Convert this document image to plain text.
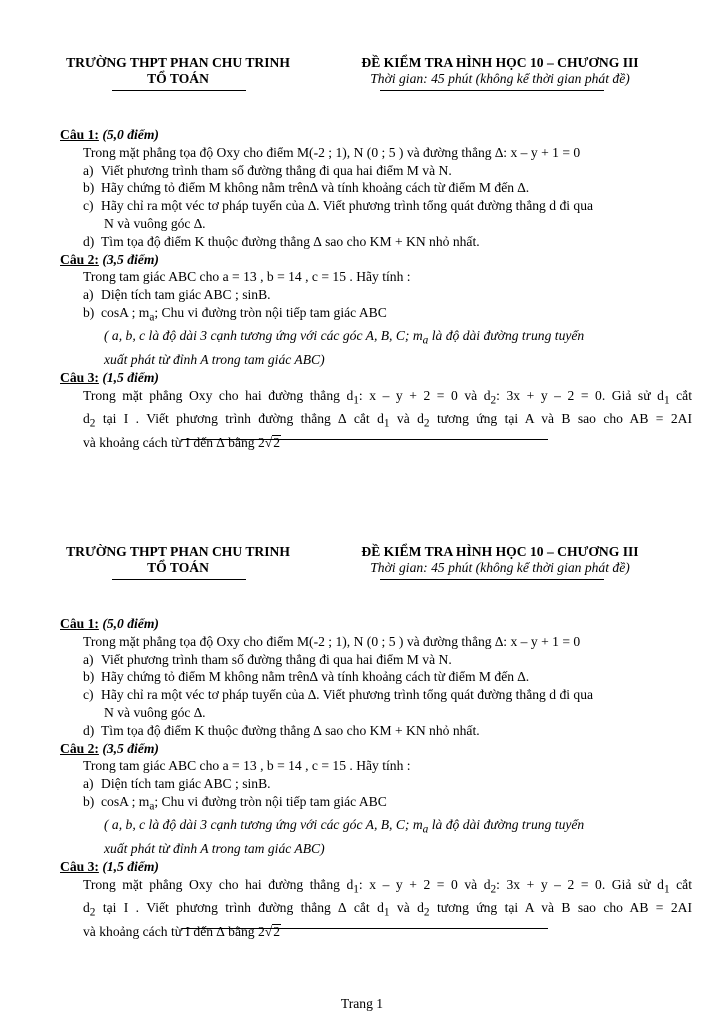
TRƯỜNG THPT PHAN CHU TRINH
TỔ TOÁN
ĐỀ KIỂM TRA HÌNH HỌC 10 – CHƯƠNG III
Thời gian: 45 phút (không kể thời gian phát đề)
Câu 1: (5,0 điểm)
Trong mặt phẳng tọa độ Oxy cho điểm M(-2 ; 1), N (0 ; 5 ) và đường thẳng ∆: x – y + 1 = 0
a) Viết phương trình tham số đường thẳng đi qua hai điểm M và N.
b) Hãy chứng tỏ điểm M không nằm trên∆ và tính khoảng cách từ điểm M đến ∆.
c) Hãy chỉ ra một véc tơ pháp tuyến của ∆. Viết phương trình tổng quát đường thẳng d đi qua
N và vuông góc ∆.
d) Tìm tọa độ điểm K thuộc đường thẳng ∆ sao cho KM + KN nhỏ nhất.
Câu 2: (3,5 điểm)
Trong tam giác ABC cho a = 13 , b = 14 , c = 15 . Hãy tính :
a) Diện tích tam giác ABC ; sinB.
b) cosA ; $m_a$; Chu vi đường tròn nội tiếp tam giác ABC
( a, b, c là độ dài 3 cạnh tương ứng với các góc A, B, C; $m_a$ là độ dài đường trung tuyến
xuất phát từ đỉnh A trong tam giác ABC)
Câu 3: (1,5 điểm)
Trong mặt phẳng Oxy cho hai đường thẳng $d_1$: x – y + 2 = 0 và $d_2$: 3x + y – 2 = 0. Giả sử $d_1$ cắt
$d_2$ tại I . Viết phương trình đường thẳng ∆ cắt $d_1$ và $d_2$ tương ứng tại A và B sao cho AB = 2AI
và khoảng cách từ I đến ∆ bằng 2√2
TRƯỜNG THPT PHAN CHU TRINH
TỔ TOÁN
ĐỀ KIỂM TRA HÌNH HỌC 10 – CHƯƠNG III
Thời gian: 45 phút (không kể thời gian phát đề)
Câu 1: (5,0 điểm)
Trong mặt phẳng tọa độ Oxy cho điểm M(-2 ; 1), N (0 ; 5 ) và đường thẳng ∆: x – y + 1 = 0
a) Viết phương trình tham số đường thẳng đi qua hai điểm M và N.
b) Hãy chứng tỏ điểm M không nằm trên∆ và tính khoảng cách từ điểm M đến ∆.
c) Hãy chỉ ra một véc tơ pháp tuyến của ∆. Viết phương trình tổng quát đường thẳng d đi qua
N và vuông góc ∆.
d) Tìm tọa độ điểm K thuộc đường thẳng ∆ sao cho KM + KN nhỏ nhất.
Câu 2: (3,5 điểm)
Trong tam giác ABC cho a = 13 , b = 14 , c = 15 . Hãy tính :
a) Diện tích tam giác ABC ; sinB.
b) cosA ; $m_a$; Chu vi đường tròn nội tiếp tam giác ABC
( a, b, c là độ dài 3 cạnh tương ứng với các góc A, B, C; $m_a$ là độ dài đường trung tuyến
xuất phát từ đỉnh A trong tam giác ABC)
Câu 3: (1,5 điểm)
Trong mặt phẳng Oxy cho hai đường thẳng $d_1$: x – y + 2 = 0 và $d_2$: 3x + y – 2 = 0. Giả sử $d_1$ cắt
$d_2$ tại I . Viết phương trình đường thẳng ∆ cắt $d_1$ và $d_2$ tương ứng tại A và B sao cho AB = 2AI
và khoảng cách từ I đến ∆ bằng 2√2
Trang 1
